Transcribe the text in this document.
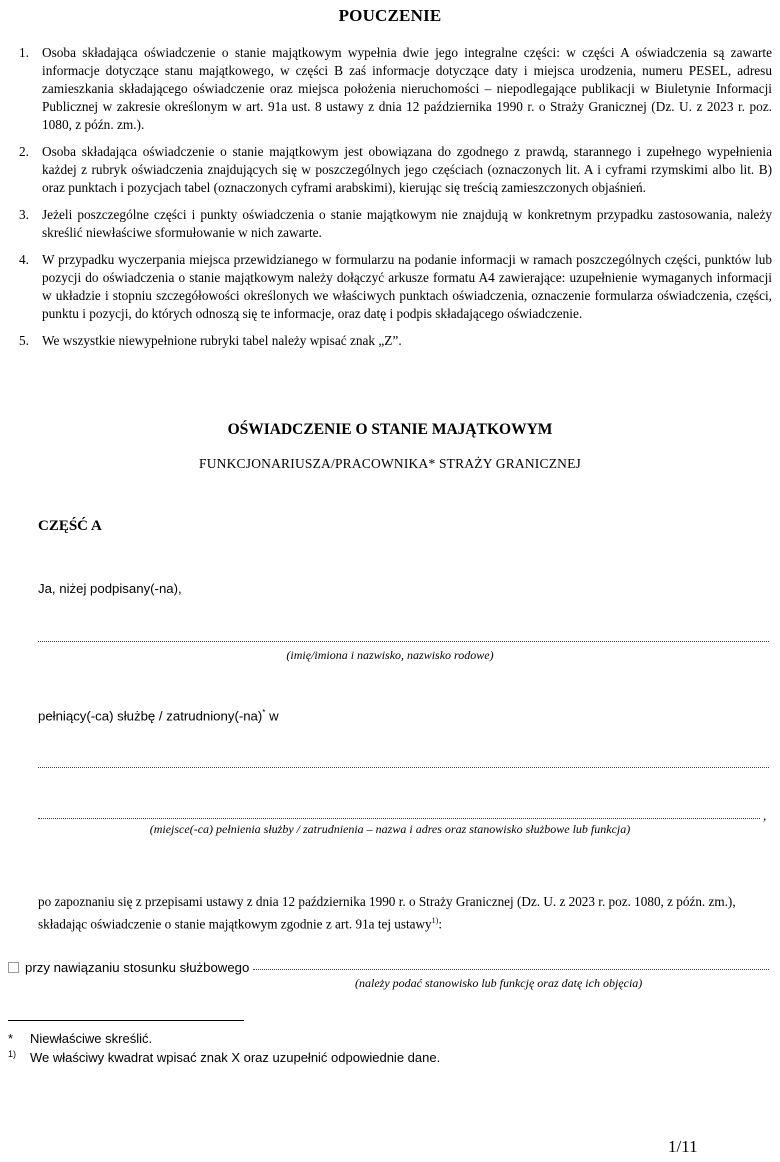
POUCZENIE
1. Osoba składająca oświadczenie o stanie majątkowym wypełnia dwie jego integralne części: w części A oświadczenia są zawarte informacje dotyczące stanu majątkowego, w części B zaś informacje dotyczące daty i miejsca urodzenia, numeru PESEL, adresu zamieszkania składającego oświadczenie oraz miejsca położenia nieruchomości – niepodlegające publikacji w Biuletynie Informacji Publicznej w zakresie określonym w art. 91a ust. 8 ustawy z dnia 12 października 1990 r. o Straży Granicznej (Dz. U. z 2023 r. poz. 1080, z późn. zm.).
2. Osoba składająca oświadczenie o stanie majątkowym jest obowiązana do zgodnego z prawdą, starannego i zupełnego wypełnienia każdej z rubryk oświadczenia znajdujących się w poszczególnych jego częściach (oznaczonych lit. A i cyframi rzymskimi albo lit. B) oraz punktach i pozycjach tabel (oznaczonych cyframi arabskimi), kierując się treścią zamieszczonych objaśnień.
3. Jeżeli poszczególne części i punkty oświadczenia o stanie majątkowym nie znajdują w konkretnym przypadku zastosowania, należy skreślić niewłaściwe sformułowanie w nich zawarte.
4. W przypadku wyczerpania miejsca przewidzianego w formularzu na podanie informacji w ramach poszczególnych części, punktów lub pozycji do oświadczenia o stanie majątkowym należy dołączyć arkusze formatu A4 zawierające: uzupełnienie wymaganych informacji w układzie i stopniu szczegółowości określonych we właściwych punktach oświadczenia, oznaczenie formularza oświadczenia, części, punktu i pozycji, do których odnoszą się te informacje, oraz datę i podpis składającego oświadczenie.
5. We wszystkie niewypełnione rubryki tabel należy wpisać znak „Z”.
OŚWIADCZENIE O STANIE MAJĄTKOWYM
FUNKCJONARIUSZA/PRACOWNIKA* STRAŻY GRANICZNEJ
CZĘŚĆ A
Ja, niżej podpisany(-na),
(imię/imiona i nazwisko, nazwisko rodowe)
pełniący(-ca) służbę / zatrudniony(-na)* w
,
(miejsce(-ca) pełnienia służby / zatrudnienia – nazwa i adres oraz stanowisko służbowe lub funkcja)
po zapoznaniu się z przepisami ustawy z dnia 12 października 1990 r. o Straży Granicznej (Dz. U. z 2023 r. poz. 1080, z późn. zm.), składając oświadczenie o stanie majątkowym zgodnie z art. 91a tej ustawy$^{1)}$:
przy nawiązaniu stosunku służbowego
(należy podać stanowisko lub funkcję oraz datę ich objęcia)
* Niewłaściwe skreślić.
1) We właściwy kwadrat wpisać znak X oraz uzupełnić odpowiednie dane.
1/11
